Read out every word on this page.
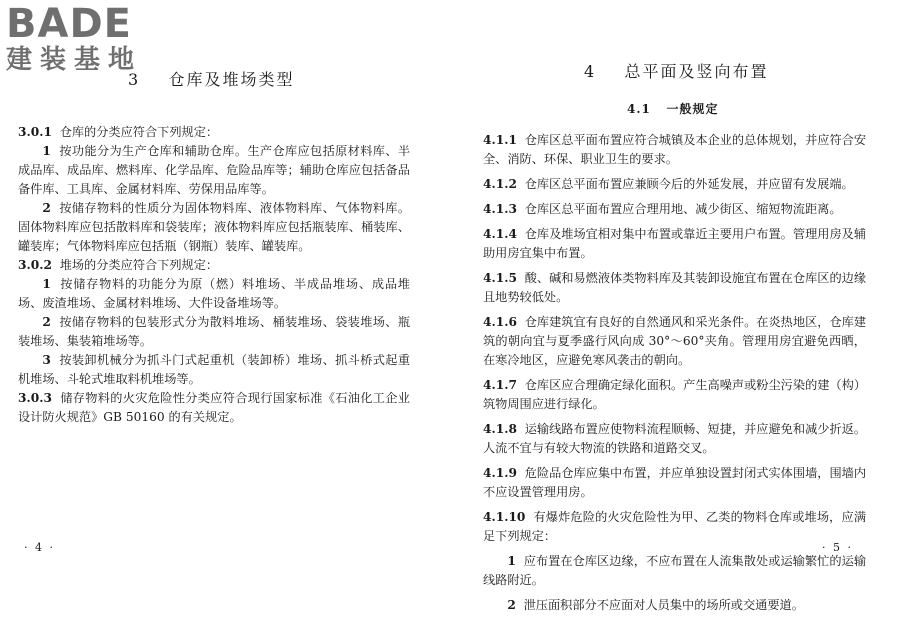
BADE
建装基地
3 仓库及堆场类型

3.0.1 仓库的分类应符合下列规定：

1 按功能分为生产仓库和辅助仓库。生产仓库应包括原材料库、半成品库、成品库、燃料库、化学品库、危险品库等；辅助仓库应包括备品备件库、工具库、金属材料库、劳保用品库等。

2 按储存物料的性质分为固体物料库、液体物料库、气体物料库。固体物料库应包括散料库和袋装库；液体物料库应包括瓶装库、桶装库、罐装库；气体物料库应包括瓶（钢瓶）装库、罐装库。

3.0.2 堆场的分类应符合下列规定：

1 按储存物料的功能分为原（燃）料堆场、半成品堆场、成品堆场、废渣堆场、金属材料堆场、大件设备堆场等。

2 按储存物料的包装形式分为散料堆场、桶装堆场、袋装堆场、瓶装堆场、集装箱堆场等。

3 按装卸机械分为抓斗门式起重机（装卸桥）堆场、抓斗桥式起重机堆场、斗轮式堆取料机堆场等。

3.0.3 储存物料的火灾危险性分类应符合现行国家标准《石油化工企业设计防火规范》GB 50160 的有关规定。

· 4 ·
4 总平面及竖向布置
4.1 一般规定

4.1.1 仓库区总平面布置应符合城镇及本企业的总体规划，并应符合安全、消防、环保、职业卫生的要求。

4.1.2 仓库区总平面布置应兼顾今后的外延发展，并应留有发展端。

4.1.3 仓库区总平面布置应合理用地、减少街区、缩短物流距离。

4.1.4 仓库及堆场宜相对集中布置或靠近主要用户布置。管理用房及辅助用房宜集中布置。

4.1.5 酸、碱和易燃液体类物料库及其装卸设施宜布置在仓库区的边缘且地势较低处。

4.1.6 仓库建筑宜有良好的自然通风和采光条件。在炎热地区，仓库建筑的朝向宜与夏季盛行风向成 30°～60°夹角。管理用房宜避免西晒，在寒冷地区，应避免寒风袭击的朝向。

4.1.7 仓库区应合理确定绿化面积。产生高噪声或粉尘污染的建（构）筑物周围应进行绿化。

4.1.8 运输线路布置应使物料流程顺畅、短捷，并应避免和减少折返。人流不宜与有较大物流的铁路和道路交叉。

4.1.9 危险品仓库应集中布置，并应单独设置封闭式实体围墙，围墙内不应设置管理用房。

4.1.10 有爆炸危险的火灾危险性为甲、乙类的物料仓库或堆场，应满足下列规定：

1 应布置在仓库区边缘，不应布置在人流集散处或运输繁忙的运输线路附近。

2 泄压面积部分不应面对人员集中的场所或交通要道。

· 5 ·
